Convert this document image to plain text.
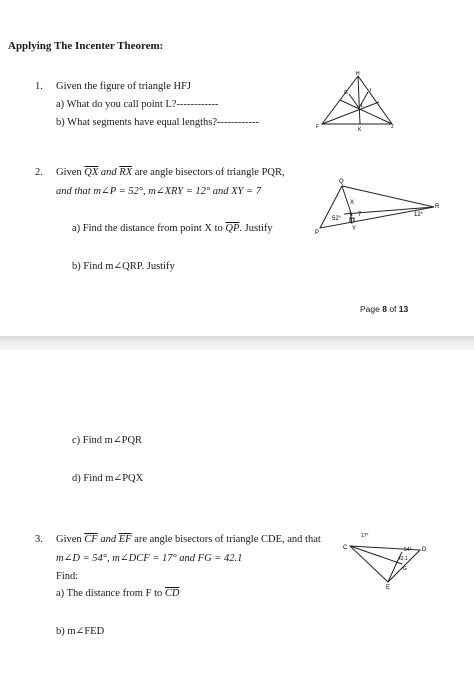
Applying The Incenter Theorem:
1. Given the figure of triangle HFJ
a) What do you call point L?------------
b) What segments have equal lengths?------------
H
F	J
K
G	I
L
2. Given $\overline{QX}$ and $\overline{RX}$ are angle bisectors of triangle PQR,
and that m∠P = 52°, m∠XRY = 12° and XY = 7
a) Find the distance from point X to $\overline{QP}$. Justify
b) Find m∠QRP. Justify
Q
R
P
X
Y
52°
12°
7
Page 8 of 13
c) Find m∠PQR
d) Find m∠PQX
3. Given $\overline{CF}$ and $\overline{EF}$ are angle bisectors of triangle CDE, and that
m∠D = 54°, m∠DCF = 17° and FG = 42.1
Find:
a) The distance from F to $\overline{CD}$
b) m∠FED
17°
C	D
E
G
54°
42.1
